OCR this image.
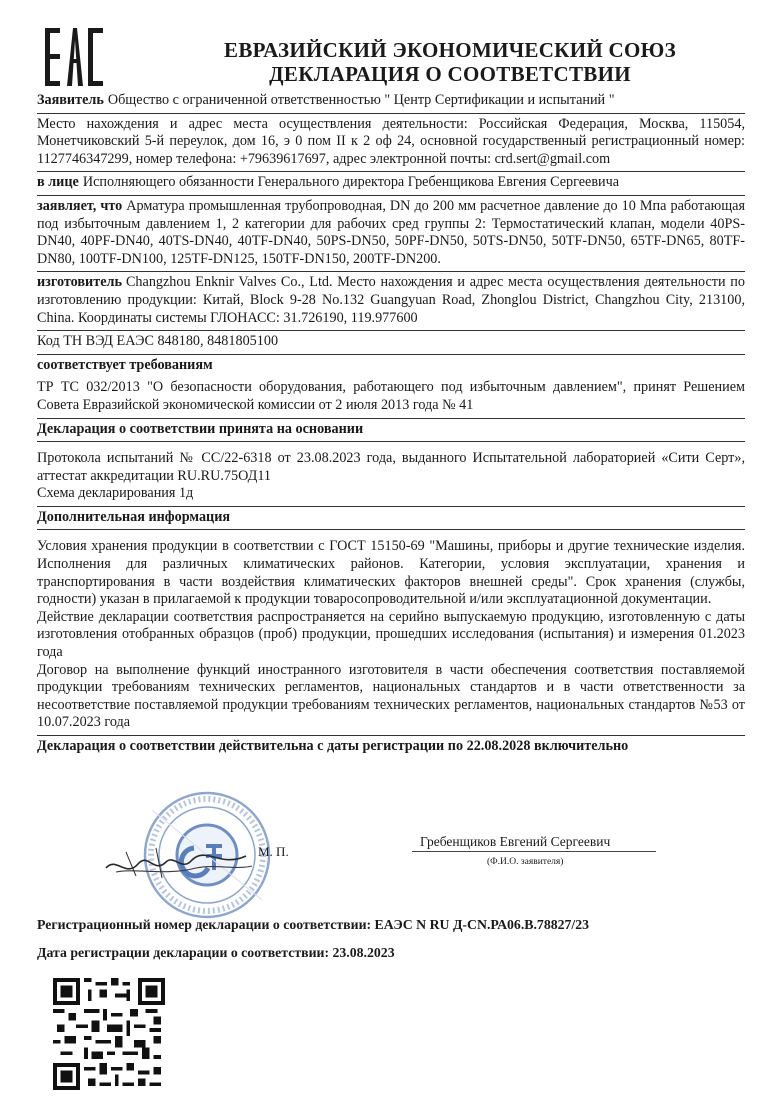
ЕВРАЗИЙСКИЙ ЭКОНОМИЧЕСКИЙ СОЮЗ
ДЕКЛАРАЦИЯ О СООТВЕТСТВИИ
Заявитель Общество с ограниченной ответственностью " Центр Сертификации и испытаний "
Место нахождения и адрес места осуществления деятельности: Российская Федерация, Москва, 115054, Монетчиковский 5-й переулок, дом 16, э 0 пом II к 2 оф 24, основной государственный регистрационный номер: 1127746347299, номер телефона: +79639617697, адрес электронной почты: crd.sert@gmail.com
в лице Исполняющего обязанности Генерального директора Гребенщикова Евгения Сергеевича
заявляет, что Арматура промышленная трубопроводная, DN до 200 мм расчетное давление до 10 Мпа работающая под избыточным давлением 1, 2 категории для рабочих сред группы 2: Термостатический клапан, модели 40PS-DN40, 40PF-DN40, 40TS-DN40, 40TF-DN40, 50PS-DN50, 50PF-DN50, 50TS-DN50, 50TF-DN50, 65TF-DN65, 80TF-DN80, 100TF-DN100, 125TF-DN125, 150TF-DN150, 200TF-DN200.
изготовитель Changzhou Enknir Valves Co., Ltd. Место нахождения и адрес места осуществления деятельности по изготовлению продукции: Китай, Block 9-28 No.132 Guangyuan Road, Zhonglou District, Changzhou City, 213100, China. Координаты системы ГЛОНАСС: 31.726190, 119.977600
Код ТН ВЭД ЕАЭС 848180, 8481805100
соответствует требованиям
ТР ТС 032/2013 "О безопасности оборудования, работающего под избыточным давлением", принят Решением Совета Евразийской экономической комиссии от 2 июля 2013 года № 41
Декларация о соответствии принята на основании

Протокола испытаний № CC/22-6318 от 23.08.2023 года, выданного Испытательной лабораторией «Сити Серт», аттестат аккредитации RU.RU.75ОД11

Схема декларирования 1д

Дополнительная информация

Условия хранения продукции в соответствии с ГОСТ 15150-69 "Машины, приборы и другие технические изделия. Исполнения для различных климатических районов. Категории, условия эксплуатации, хранения и транспортирования в части воздействия климатических факторов внешней среды". Срок хранения (службы, годности) указан в прилагаемой к продукции товаросопроводительной и/или эксплуатационной документации.

Действие декларации соответствия распространяется на серийно выпускаемую продукцию, изготовленную с даты изготовления отобранных образцов (проб) продукции, прошедших исследования (испытания) и измерения 01.2023 года

Договор на выполнение функций иностранного изготовителя в части обеспечения соответствия поставляемой продукции требованиям технических регламентов, национальных стандартов и в части ответственности за несоответствие поставляемой продукции требованиям технических регламентов, национальных стандартов №53 от 10.07.2023 года

Декларация о соответствии действительна с даты регистрации по 22.08.2028 включительно
М. П.
Гребенщиков Евгений Сергеевич
(Ф.И.О. заявителя)
Регистрационный номер декларации о соответствии: ЕАЭС N RU Д-CN.РА06.В.78827/23
Дата регистрации декларации о соответствии: 23.08.2023
